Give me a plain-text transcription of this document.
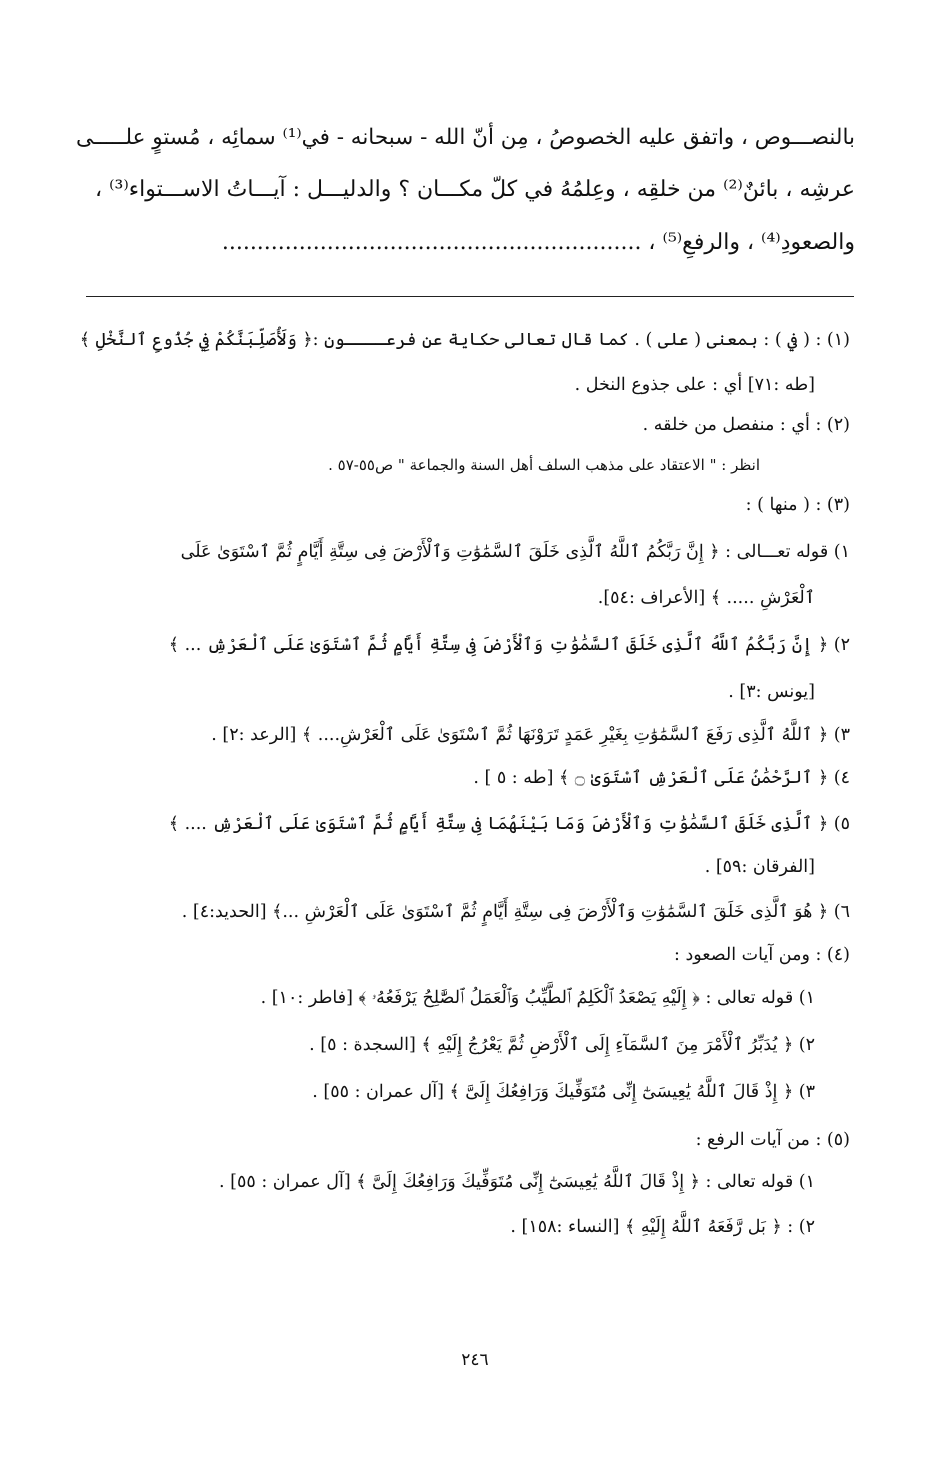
بالنصـــوص ، واتفق عليه الخصوصُ ، مِن أنّ الله - سبحانه - في⁽¹⁾ سمائِه ، مُستوٍ علـــــى
عرشِه ، بائنٌ⁽²⁾ من خلقِه ، وعِلمُهُ في كلّ مكـــان ؟ والدليـــل : آيـــاتُ الاســـتواء⁽³⁾ ،
والصعودِ⁽⁴⁾ ، والرفعِ⁽⁵⁾ ، ............................................................
(١) : ( في ) : بمعنى ( على ) . كما قال تعالى حكاية عن فرعــــون :﴿ وَلَأُصَلِّبَنَّكُمْ فِي جُذُوعِ ٱلنَّخْلِ ﴾
[طه :٧١] أي : على جذوع النخل .
(٢) : أي : منفصل من خلقه .
انظر : " الاعتقاد على مذهب السلف أهل السنة والجماعة " ص٥٥-٥٧ .
(٣) : ( منها ) :
١) قوله تعـــالى : ﴿ إِنَّ رَبَّكُمُ ٱللَّهُ ٱلَّذِى خَلَقَ ٱلسَّمَٰوَٰتِ وَٱلْأَرْضَ فِى سِتَّةِ أَيَّامٍ ثُمَّ ٱسْتَوَىٰ عَلَى
ٱلْعَرْشِ ..... ﴾ [الأعراف :٥٤].
٢) ﴿ إِنَّ رَبَّكُمُ ٱللَّهُ ٱلَّذِى خَلَقَ ٱلسَّمَٰوَٰتِ وَٱلْأَرْضَ فِى سِتَّةِ أَيَّامٍ ثُمَّ ٱسْتَوَىٰ عَلَى ٱلْعَرْشِ ... ﴾
[يونس :٣] .
٣) ﴿ ٱللَّهُ ٱلَّذِى رَفَعَ ٱلسَّمَٰوَٰتِ بِغَيْرِ عَمَدٍ تَرَوْنَهَا ثُمَّ ٱسْتَوَىٰ عَلَى ٱلْعَرْشِ.... ﴾ [الرعد :٢] .
٤) ﴿ ٱلرَّحْمَٰنُ عَلَى ٱلْعَرْشِ ٱسْتَوَىٰ ۝ ﴾ [طه : ٥ ] .
٥) ﴿ ٱلَّذِى خَلَقَ ٱلسَّمَٰوَٰتِ وَٱلْأَرْضَ وَمَا بَيْنَهُمَا فِى سِتَّةِ أَيَّامٍ ثُمَّ ٱسْتَوَىٰ عَلَى ٱلْعَرْشِ .... ﴾
[الفرقان :٥٩] .
٦) ﴿ هُوَ ٱلَّذِى خَلَقَ ٱلسَّمَٰوَٰتِ وَٱلْأَرْضَ فِى سِتَّةِ أَيَّامٍ ثُمَّ ٱسْتَوَىٰ عَلَى ٱلْعَرْشِ ...﴾ [الحديد:٤] .
(٤) : ومن آيات الصعود :
١) قوله تعالى : ﴿ إِلَيْهِ يَصْعَدُ ٱلْكَلِمُ ٱلطَّيِّبُ وَٱلْعَمَلُ ٱلصَّٰلِحُ يَرْفَعُهُۥ ﴾ [فاطر :١٠] .
٢) ﴿ يُدَبِّرُ ٱلْأَمْرَ مِنَ ٱلسَّمَآءِ إِلَى ٱلْأَرْضِ ثُمَّ يَعْرُجُ إِلَيْهِ ﴾ [السجدة : ٥] .
٣) ﴿ إِذْ قَالَ ٱللَّهُ يَٰعِيسَىٰٓ إِنِّى مُتَوَفِّيكَ وَرَافِعُكَ إِلَىَّ ﴾ [آل عمران : ٥٥] .
(٥) : من آيات الرفع :
١) قوله تعالى : ﴿ إِذْ قَالَ ٱللَّهُ يَٰعِيسَىٰٓ إِنِّى مُتَوَفِّيكَ وَرَافِعُكَ إِلَىَّ ﴾ [آل عمران : ٥٥] .
٢) : ﴿ بَل رَّفَعَهُ ٱللَّهُ إِلَيْهِ ﴾ [النساء :١٥٨] .
٢٤٦
